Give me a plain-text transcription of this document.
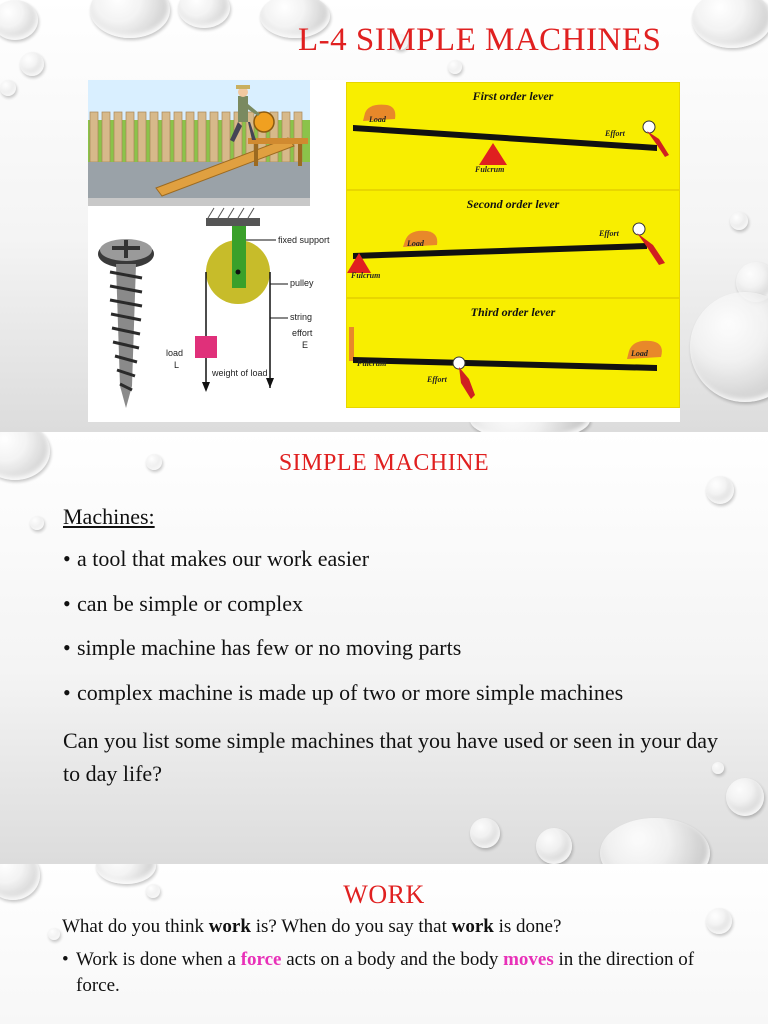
L-4 SIMPLE MACHINES
fixed support
pulley
string
effort
E
load
L
weight of load
First order lever
Load
Effort
Fulcrum
Second order lever
Load
Effort
Fulcrum
Third order lever
Load
Effort
Fulcrum
SIMPLE MACHINE
Machines:
• a tool that makes our work easier
• can be simple or complex
• simple machine has few or no moving parts
• complex machine is made up of two or more simple machines
Can you list some simple machines that you have used or seen in your day to day life?
WORK
What do you think work is? When do you say that work is done?
• Work is done when a force acts on a body and the body moves in the direction of force.
